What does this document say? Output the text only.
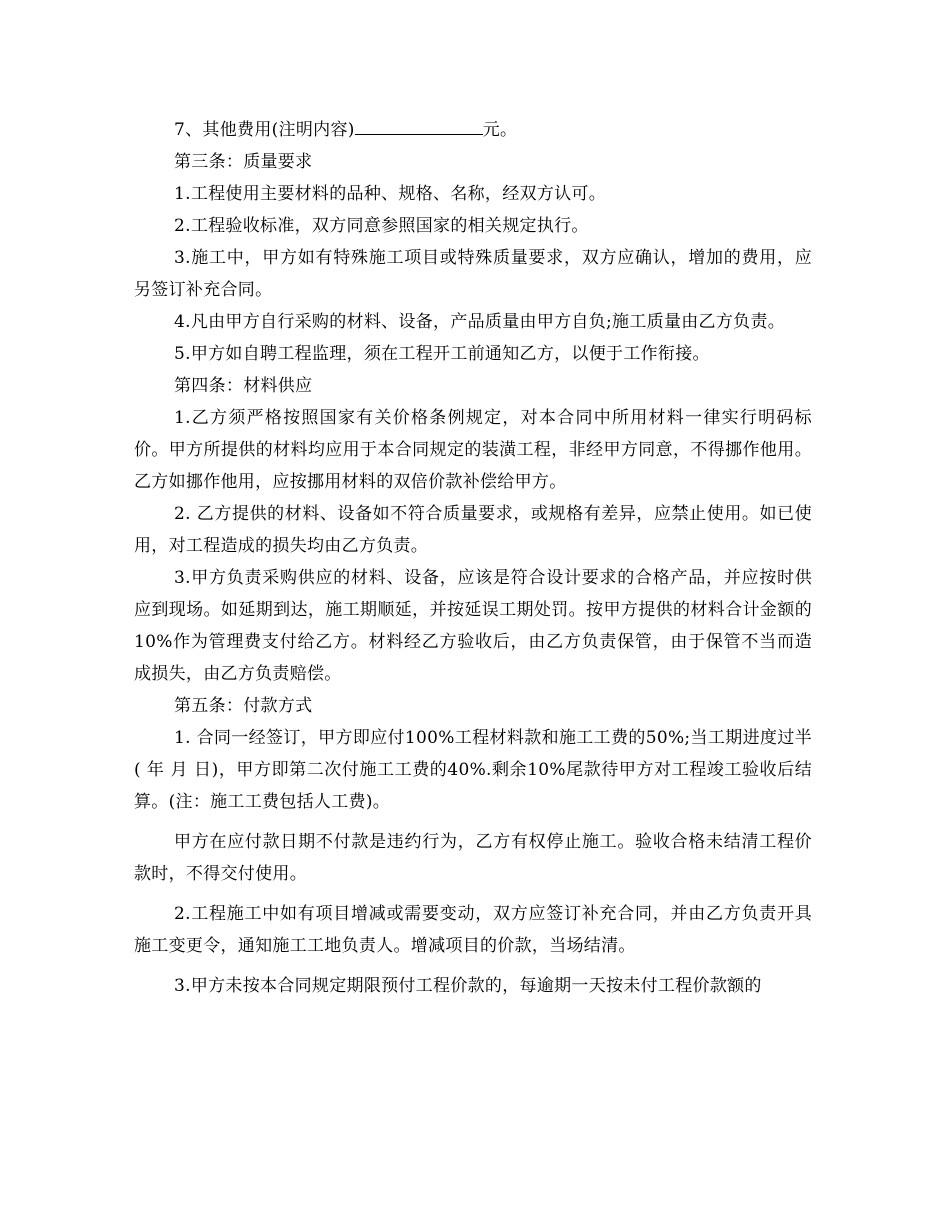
7、其他费用(注明内容)	元。

第三条：质量要求

1.工程使用主要材料的品种、规格、名称，经双方认可。

2.工程验收标准，双方同意参照国家的相关规定执行。

3.施工中，甲方如有特殊施工项目或特殊质量要求，双方应确认，增加的费用，应另签订补充合同。

4.凡由甲方自行采购的材料、设备，产品质量由甲方自负;施工质量由乙方负责。

5.甲方如自聘工程监理，须在工程开工前通知乙方，以便于工作衔接。

第四条：材料供应

1.乙方须严格按照国家有关价格条例规定，对本合同中所用材料一律实行明码标价。甲方所提供的材料均应用于本合同规定的装潢工程，非经甲方同意，不得挪作他用。乙方如挪作他用，应按挪用材料的双倍价款补偿给甲方。

2. 乙方提供的材料、设备如不符合质量要求，或规格有差异，应禁止使用。如已使用，对工程造成的损失均由乙方负责。

3.甲方负责采购供应的材料、设备，应该是符合设计要求的合格产品，并应按时供应到现场。如延期到达，施工期顺延，并按延误工期处罚。按甲方提供的材料合计金额的10%作为管理费支付给乙方。材料经乙方验收后，由乙方负责保管，由于保管不当而造成损失，由乙方负责赔偿。

第五条：付款方式

1. 合同一经签订，甲方即应付100%工程材料款和施工工费的50%;当工期进度过半( 年 月 日)，甲方即第二次付施工工费的40%.剩余10%尾款待甲方对工程竣工验收后结算。(注：施工工费包括人工费)。

甲方在应付款日期不付款是违约行为，乙方有权停止施工。验收合格未结清工程价款时，不得交付使用。

2.工程施工中如有项目增减或需要变动，双方应签订补充合同，并由乙方负责开具施工变更令，通知施工工地负责人。增减项目的价款，当场结清。

3.甲方未按本合同规定期限预付工程价款的，每逾期一天按未付工程价款额的
